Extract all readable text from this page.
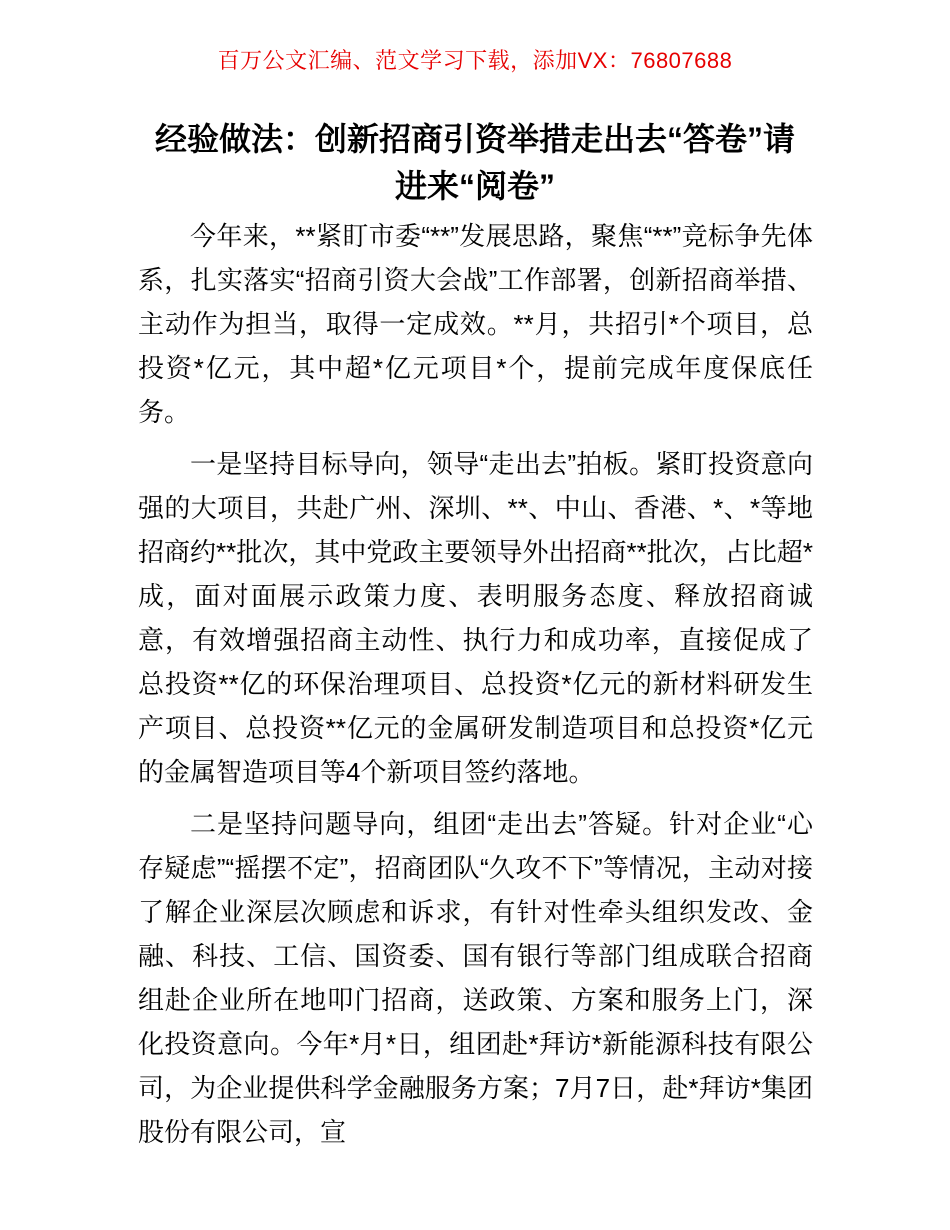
百万公文汇编、范文学习下载，添加VX：76807688
经验做法：创新招商引资举措走出去“答卷”请进来“阅卷”

今年来，**紧盯市委“**”发展思路，聚焦“**”竞标争先体系，扎实落实“招商引资大会战”工作部署，创新招商举措、主动作为担当，取得一定成效。**月，共招引*个项目，总投资*亿元，其中超*亿元项目*个，提前完成年度保底任务。

一是坚持目标导向，领导“走出去”拍板。紧盯投资意向强的大项目，共赴广州、深圳、**、中山、香港、*、*等地招商约**批次，其中党政主要领导外出招商**批次，占比超*成，面对面展示政策力度、表明服务态度、释放招商诚意，有效增强招商主动性、执行力和成功率，直接促成了总投资**亿的环保治理项目、总投资*亿元的新材料研发生产项目、总投资**亿元的金属研发制造项目和总投资*亿元的金属智造项目等4个新项目签约落地。

二是坚持问题导向，组团“走出去”答疑。针对企业“心存疑虑”“摇摆不定”，招商团队“久攻不下”等情况，主动对接了解企业深层次顾虑和诉求，有针对性牵头组织发改、金融、科技、工信、国资委、国有银行等部门组成联合招商组赴企业所在地叩门招商，送政策、方案和服务上门，深化投资意向。今年*月*日，组团赴*拜访*新能源科技有限公司，为企业提供科学金融服务方案；7月7日，赴*拜访*集团股份有限公司，宣
